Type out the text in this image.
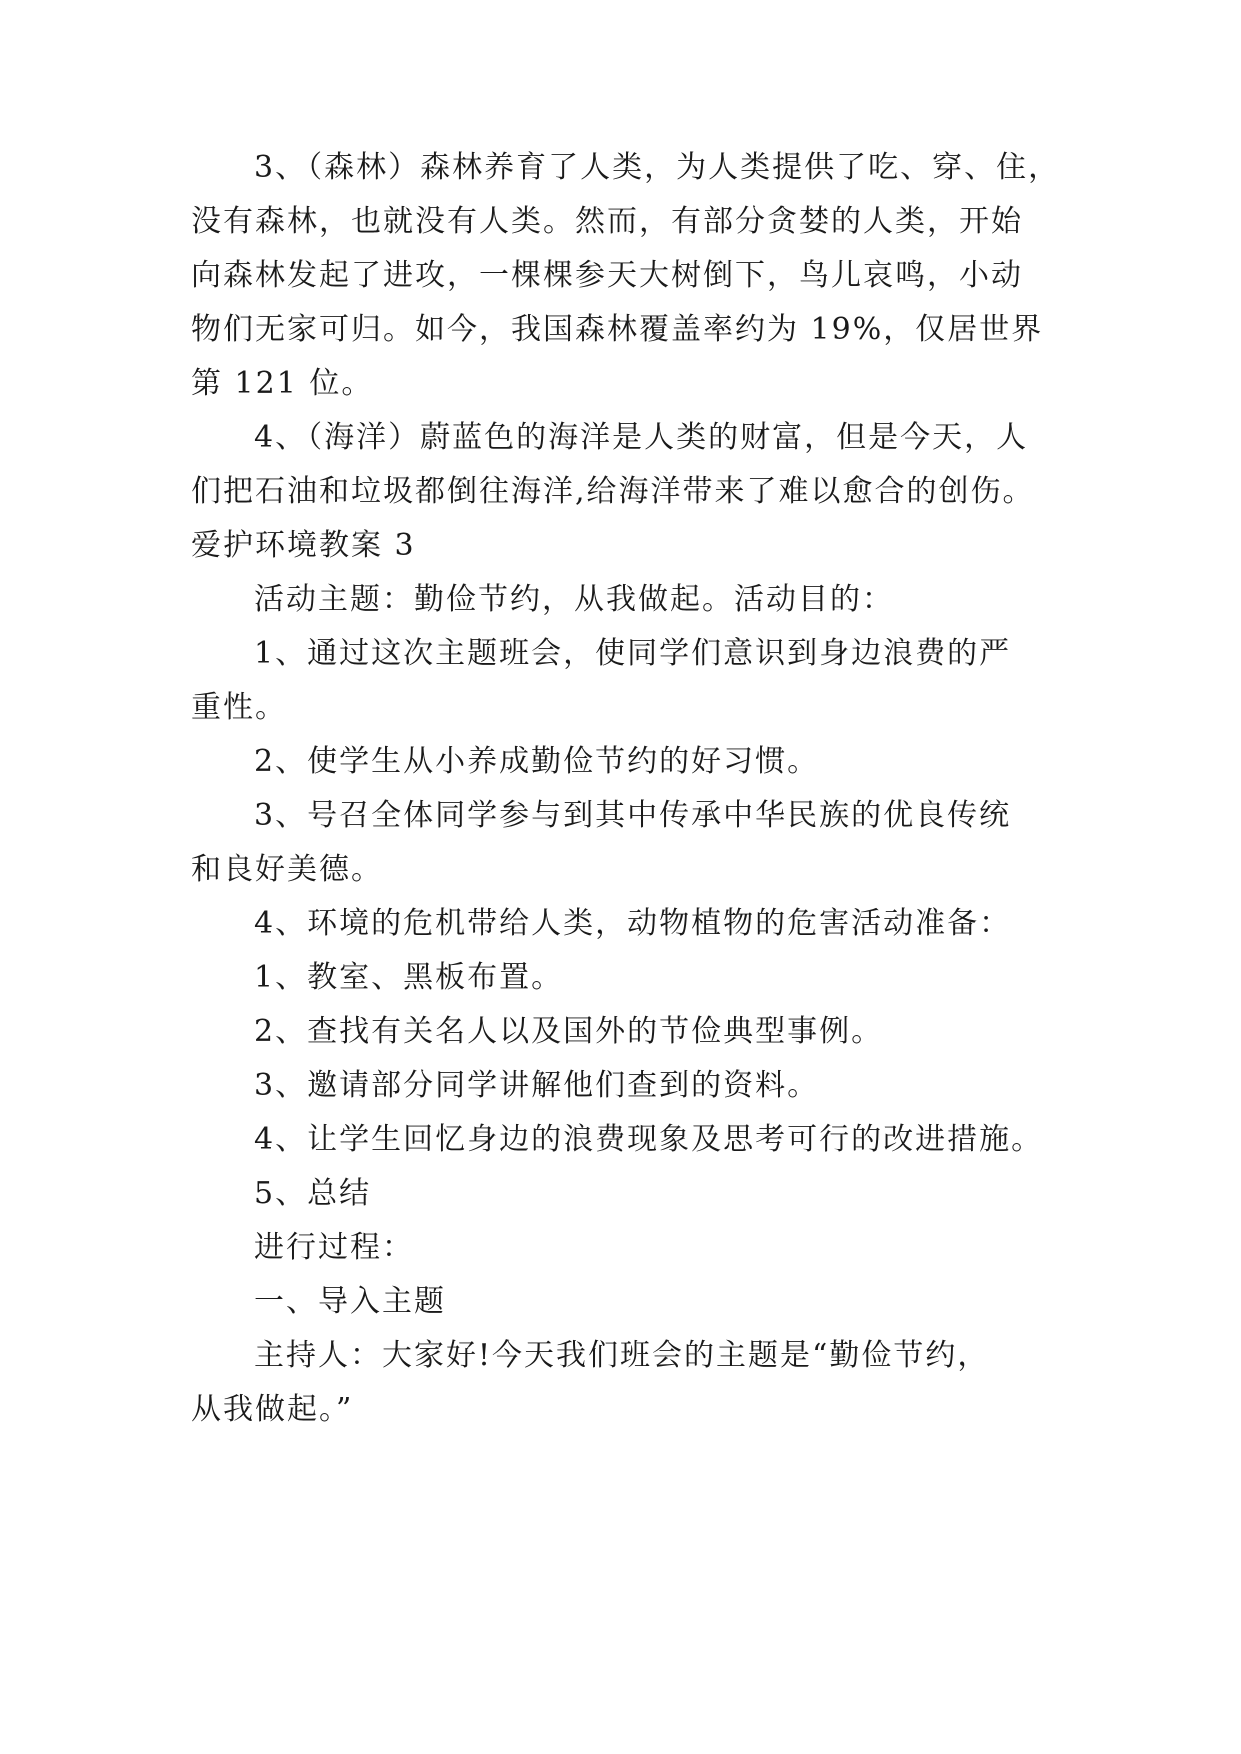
3、（森林）森林养育了人类，为人类提供了吃、穿、住，
没有森林，也就没有人类。然而，有部分贪婪的人类，开始
向森林发起了进攻，一棵棵参天大树倒下，鸟儿哀鸣，小动
物们无家可归。如今，我国森林覆盖率约为 19%，仅居世界
第 121 位。
4、（海洋）蔚蓝色的海洋是人类的财富，但是今天，人
们把石油和垃圾都倒往海洋,给海洋带来了难以愈合的创伤。
爱护环境教案 3
活动主题：勤俭节约，从我做起。活动目的：
1、通过这次主题班会，使同学们意识到身边浪费的严
重性。
2、使学生从小养成勤俭节约的好习惯。
3、号召全体同学参与到其中传承中华民族的优良传统
和良好美德。
4、环境的危机带给人类，动物植物的危害活动准备：
1、教室、黑板布置。
2、查找有关名人以及国外的节俭典型事例。
3、邀请部分同学讲解他们查到的资料。
4、让学生回忆身边的浪费现象及思考可行的改进措施。
5、总结
进行过程：
一、导入主题
主持人：大家好!今天我们班会的主题是“勤俭节约，
从我做起。”
